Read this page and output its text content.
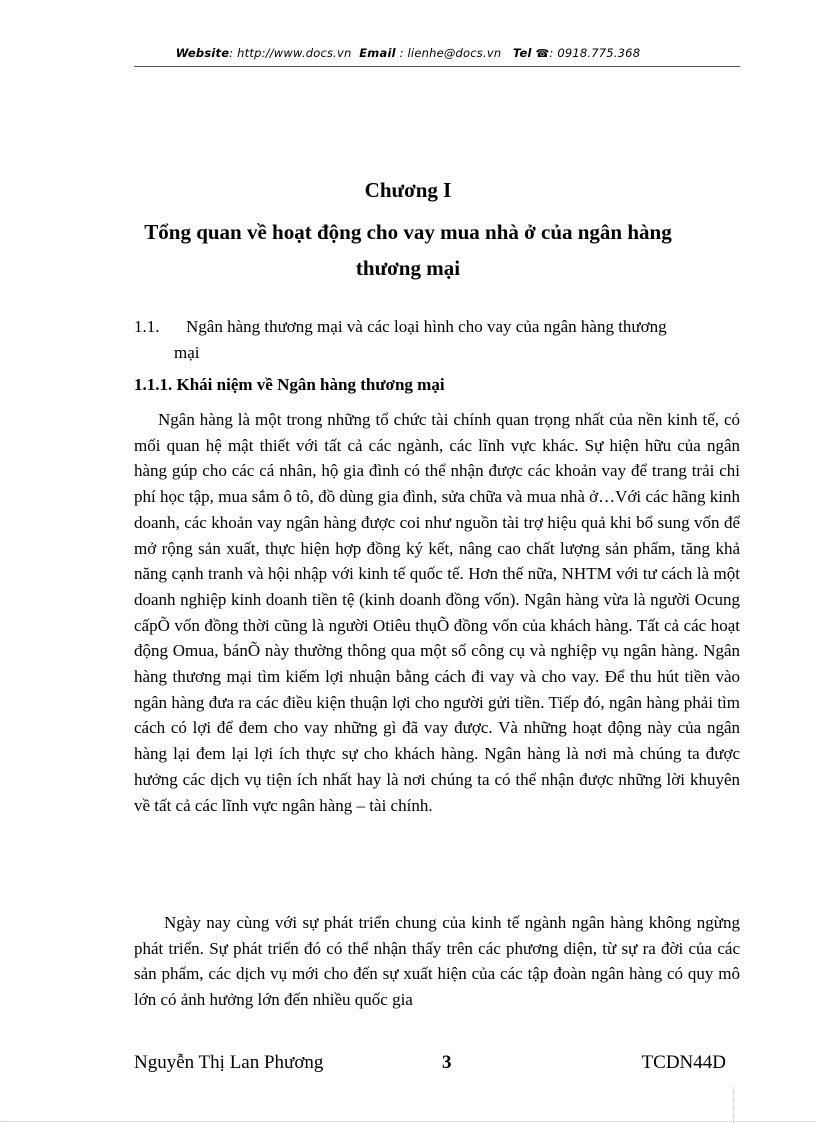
Website: http://www.docs.vn Email : lienhe@docs.vn Tel ☎: 0918.775.368
Chương I
Tổng quan về hoạt động cho vay mua nhà ở của ngân hàng thương mại
1.1. Ngân hàng thương mại và các loại hình cho vay của ngân hàng thương
mại
1.1.1. Khái niệm về Ngân hàng thương mại
Ngân hàng là một trong những tổ chức tài chính quan trọng nhất của nền kinh tế, có mối quan hệ mật thiết với tất cả các ngành, các lĩnh vực khác. Sự hiện hữu của ngân hàng gúp cho các cá nhân, hộ gia đình có thể nhận được các khoản vay để trang trải chi phí học tập, mua sắm ô tô, đồ dùng gia đình, sửa chữa và mua nhà ở…Với các hãng kinh doanh, các khoản vay ngân hàng được coi như nguồn tài trợ hiệu quả khi bổ sung vốn để mở rộng sản xuất, thực hiện hợp đồng ký kết, nâng cao chất lượng sản phẩm, tăng khả năng cạnh tranh và hội nhập với kinh tế quốc tế. Hơn thế nữa, NHTM với tư cách là một doanh nghiệp kinh doanh tiền tệ (kinh doanh đồng vốn). Ngân hàng vừa là người Ocung cấpÕ vốn đồng thời cũng là người Otiêu thụÕ đồng vốn của khách hàng. Tất cả các hoạt động Omua, bánÕ này thường thông qua một số công cụ và nghiệp vụ ngân hàng. Ngân hàng thương mại tìm kiếm lợi nhuận bằng cách đi vay và cho vay. Để thu hút tiền vào ngân hàng đưa ra các điều kiện thuận lợi cho người gửi tiền. Tiếp đó, ngân hàng phải tìm cách có lợi để đem cho vay những gì đã vay được. Và những hoạt động này của ngân hàng lại đem lại lợi ích thực sự cho khách hàng. Ngân hàng là nơi mà chúng ta được hưởng các dịch vụ tiện ích nhất hay là nơi chúng ta có thể nhận được những lời khuyên về tất cả các lĩnh vực ngân hàng – tài chính.
Ngày nay cùng với sự phát triển chung của kinh tế ngành ngân hàng không ngừng phát triển. Sự phát triển đó có thể nhận thấy trên các phương diện, từ sự ra đời của các sản phẩm, các dịch vụ mới cho đến sự xuất hiện của các tập đoàn ngân hàng có quy mô lớn có ảnh hưởng lớn đến nhiều quốc gia
Nguyễn Thị Lan Phương	3	TCDN44D
